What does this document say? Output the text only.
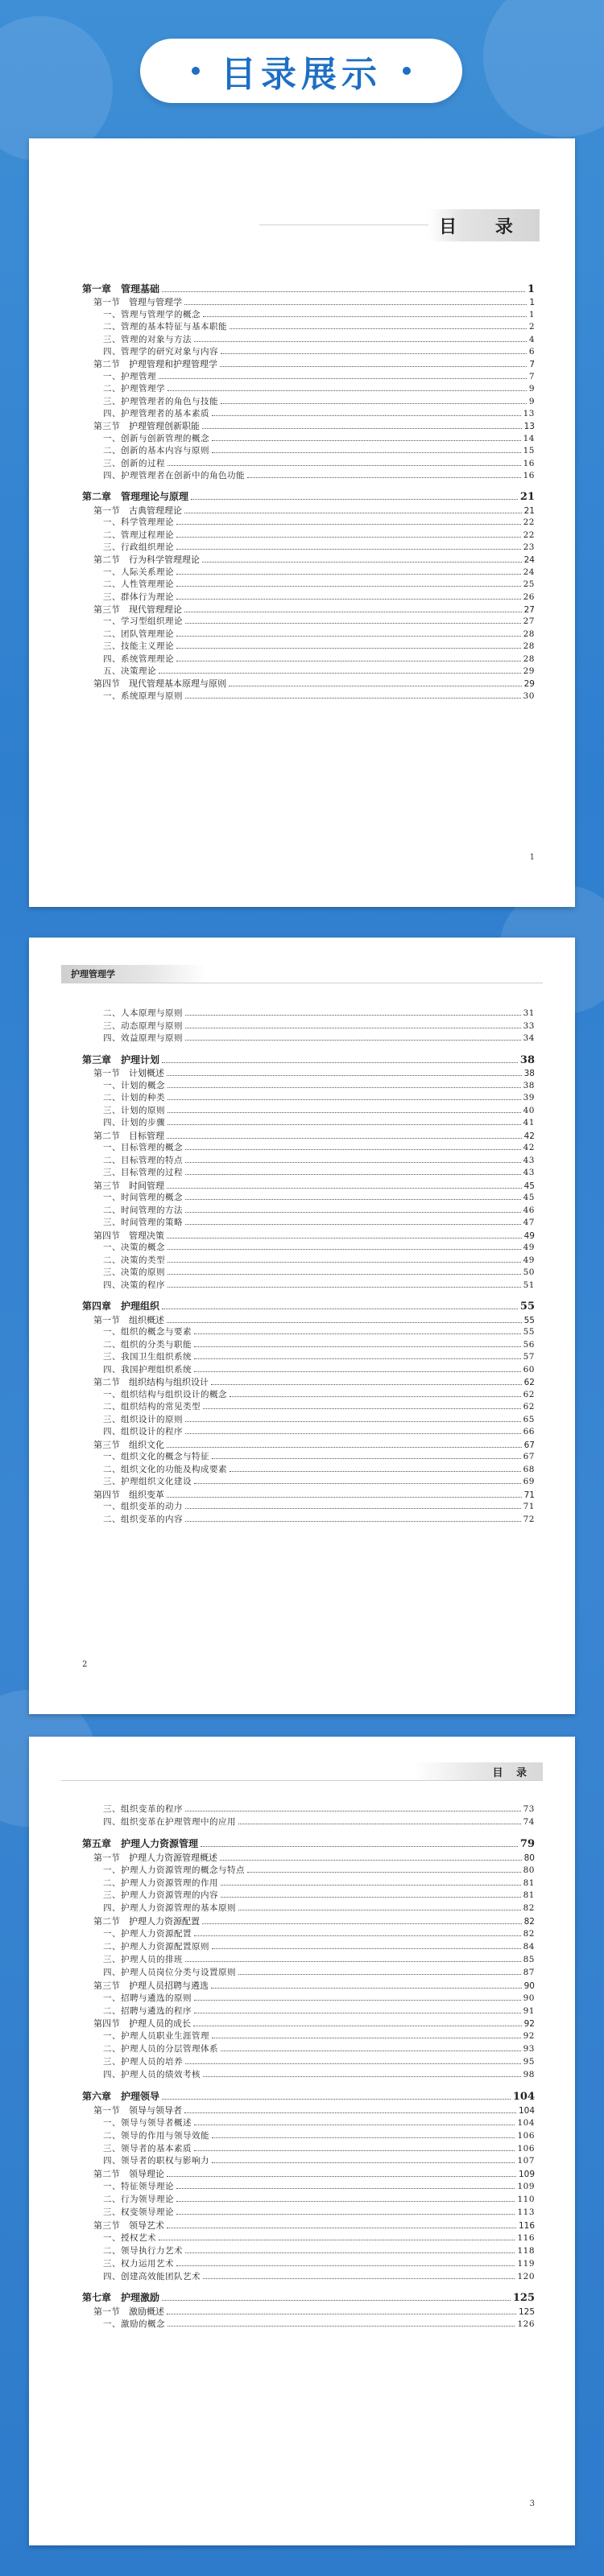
目录展示
目 录
第一章　管理基础	1
第一节　管理与管理学	1
一、管理与管理学的概念	1
二、管理的基本特征与基本职能	2
三、管理的对象与方法	4
四、管理学的研究对象与内容	6
第二节　护理管理和护理管理学	7
一、护理管理	7
二、护理管理学	9
三、护理管理者的角色与技能	9
四、护理管理者的基本素质	13
第三节　护理管理创新职能	13
一、创新与创新管理的概念	14
二、创新的基本内容与原则	15
三、创新的过程	16
四、护理管理者在创新中的角色功能	16
第二章　管理理论与原理	21
第一节　古典管理理论	21
一、科学管理理论	22
二、管理过程理论	22
三、行政组织理论	23
第二节　行为科学管理理论	24
一、人际关系理论	24
二、人性管理理论	25
三、群体行为理论	26
第三节　现代管理理论	27
一、学习型组织理论	27
二、团队管理理论	28
三、技能主义理论	28
四、系统管理理论	28
五、决策理论	29
第四节　现代管理基本原理与原则	29
一、系统原理与原则	30
1
护理管理学
二、人本原理与原则	31
三、动态原理与原则	33
四、效益原理与原则	34
第三章　护理计划	38
第一节　计划概述	38
一、计划的概念	38
二、计划的种类	39
三、计划的原则	40
四、计划的步骤	41
第二节　目标管理	42
一、目标管理的概念	42
二、目标管理的特点	43
三、目标管理的过程	43
第三节　时间管理	45
一、时间管理的概念	45
二、时间管理的方法	46
三、时间管理的策略	47
第四节　管理决策	49
一、决策的概念	49
二、决策的类型	49
三、决策的原则	50
四、决策的程序	51
第四章　护理组织	55
第一节　组织概述	55
一、组织的概念与要素	55
二、组织的分类与职能	56
三、我国卫生组织系统	57
四、我国护理组织系统	60
第二节　组织结构与组织设计	62
一、组织结构与组织设计的概念	62
二、组织结构的常见类型	62
三、组织设计的原则	65
四、组织设计的程序	66
第三节　组织文化	67
一、组织文化的概念与特征	67
二、组织文化的功能及构成要素	68
三、护理组织文化建设	69
第四节　组织变革	71
一、组织变革的动力	71
二、组织变革的内容	72
2
目 录
三、组织变革的程序	73
四、组织变革在护理管理中的应用	74
第五章　护理人力资源管理	79
第一节　护理人力资源管理概述	80
一、护理人力资源管理的概念与特点	80
二、护理人力资源管理的作用	81
三、护理人力资源管理的内容	81
四、护理人力资源管理的基本原则	82
第二节　护理人力资源配置	82
一、护理人力资源配置	82
二、护理人力资源配置原则	84
三、护理人员的排班	85
四、护理人员岗位分类与设置原则	87
第三节　护理人员招聘与遴选	90
一、招聘与遴选的原则	90
二、招聘与遴选的程序	91
第四节　护理人员的成长	92
一、护理人员职业生涯管理	92
二、护理人员的分层管理体系	93
三、护理人员的培养	95
四、护理人员的绩效考核	98
第六章　护理领导	104
第一节　领导与领导者	104
一、领导与领导者概述	104
二、领导的作用与领导效能	106
三、领导者的基本素质	106
四、领导者的职权与影响力	107
第二节　领导理论	109
一、特征领导理论	109
二、行为领导理论	110
三、权变领导理论	113
第三节　领导艺术	116
一、授权艺术	116
二、领导执行力艺术	118
三、权力运用艺术	119
四、创建高效能团队艺术	120
第七章　护理激励	125
第一节　激励概述	125
一、激励的概念	126
3
